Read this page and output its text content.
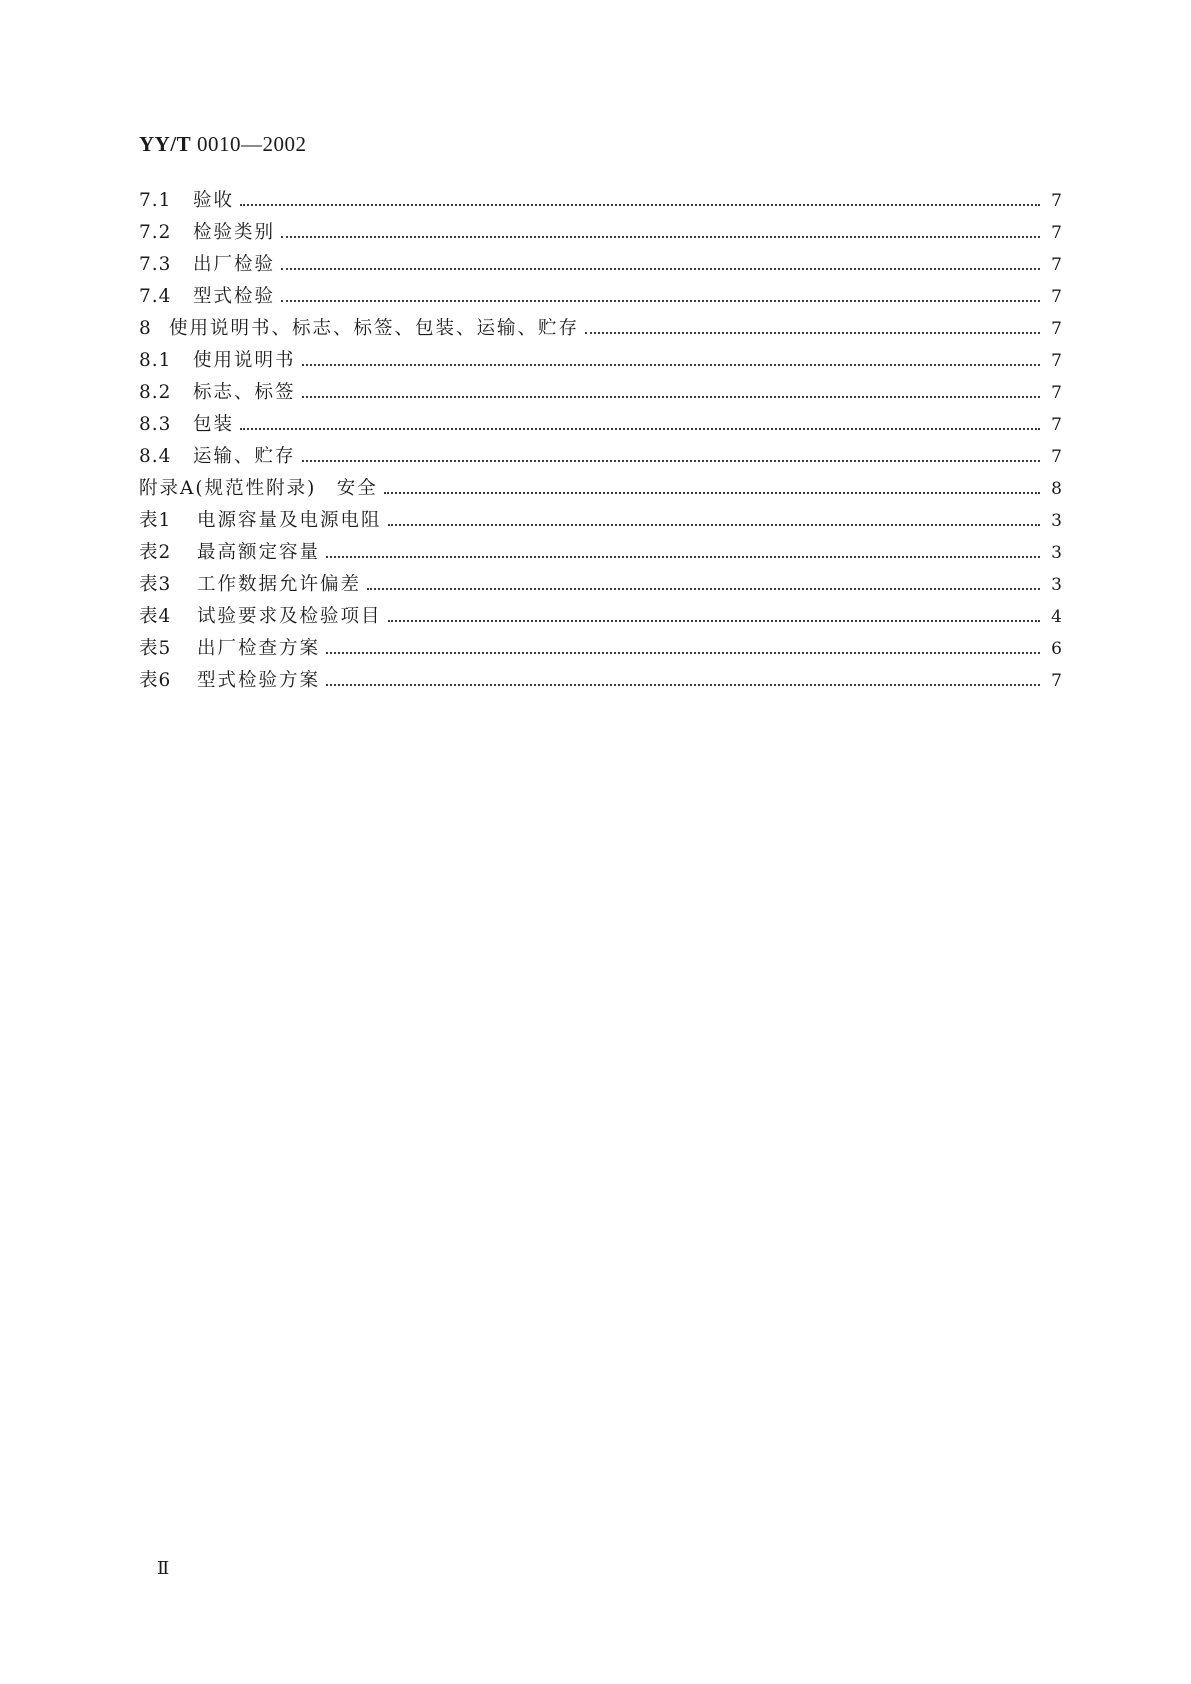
YY/T 0010—2002
7.1	验收	7
7.2	检验类别	7
7.3	出厂检验	7
7.4	型式检验	7
8 使用说明书、标志、标签、包装、运输、贮存	7
8.1	使用说明书	7
8.2	标志、标签	7
8.3	包装	7
8.4	运输、贮存	7
附录A(规范性附录)　安全	8
表1	电源容量及电源电阻	3
表2	最高额定容量	3
表3	工作数据允许偏差	3
表4	试验要求及检验项目	4
表5	出厂检查方案	6
表6	型式检验方案	7
Ⅱ
